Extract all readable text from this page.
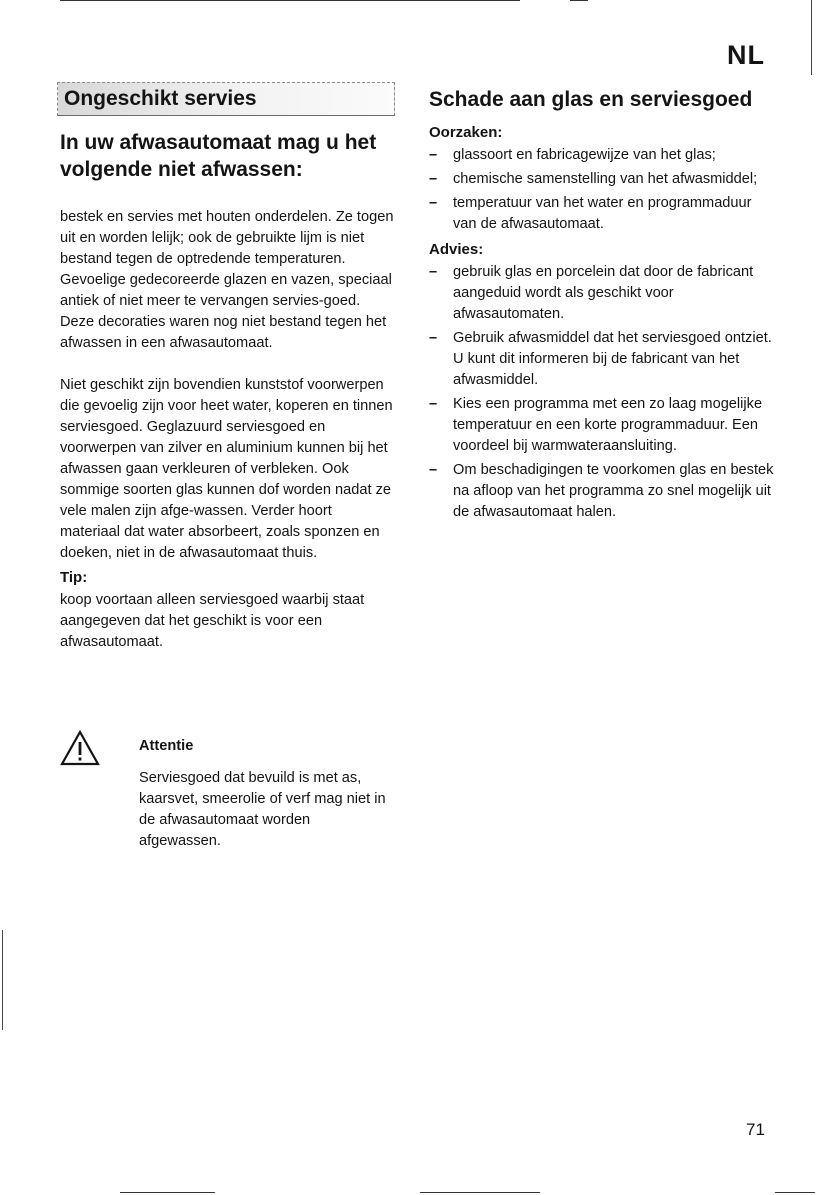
NL
Ongeschikt servies
In uw afwasautomaat mag u het volgende niet afwassen:

bestek en servies met houten onderdelen. Ze togen uit en worden lelijk; ook de gebruikte lijm is niet bestand tegen de optredende temperaturen. Gevoelige gedecoreerde glazen en vazen, speciaal antiek of niet meer te vervangen servies-goed. Deze decoraties waren nog niet bestand tegen het afwassen in een afwasautomaat.

Niet geschikt zijn bovendien kunststof voorwerpen die gevoelig zijn voor heet water, koperen en tinnen serviesgoed. Geglazuurd serviesgoed en voorwerpen van zilver en aluminium kunnen bij het afwassen gaan verkleuren of verbleken. Ook sommige soorten glas kunnen dof worden nadat ze vele malen zijn afge-wassen. Verder hoort materiaal dat water absorbeert, zoals sponzen en doeken, niet in de afwasautomaat thuis.

Tip:

koop voortaan alleen serviesgoed waarbij staat aangegeven dat het geschikt is voor een afwasautomaat.

Attentie
Serviesgoed dat bevuild is met as, kaarsvet, smeerolie of verf mag niet in de afwasautomaat worden afgewassen.
Schade aan glas en serviesgoed

Oorzaken:

– glassoort en fabricagewijze van het glas;
– chemische samenstelling van het afwasmiddel;
– temperatuur van het water en programmaduur van de afwasautomaat.

Advies:

– gebruik glas en porcelein dat door de fabricant aangeduid wordt als geschikt voor afwasautomaten.
– Gebruik afwasmiddel dat het serviesgoed ontziet. U kunt dit informeren bij de fabricant van het afwasmiddel.
– Kies een programma met een zo laag mogelijke temperatuur en een korte programmaduur. Een voordeel bij warmwateraansluiting.
– Om beschadigingen te voorkomen glas en bestek na afloop van het programma zo snel mogelijk uit de afwasautomaat halen.
71
